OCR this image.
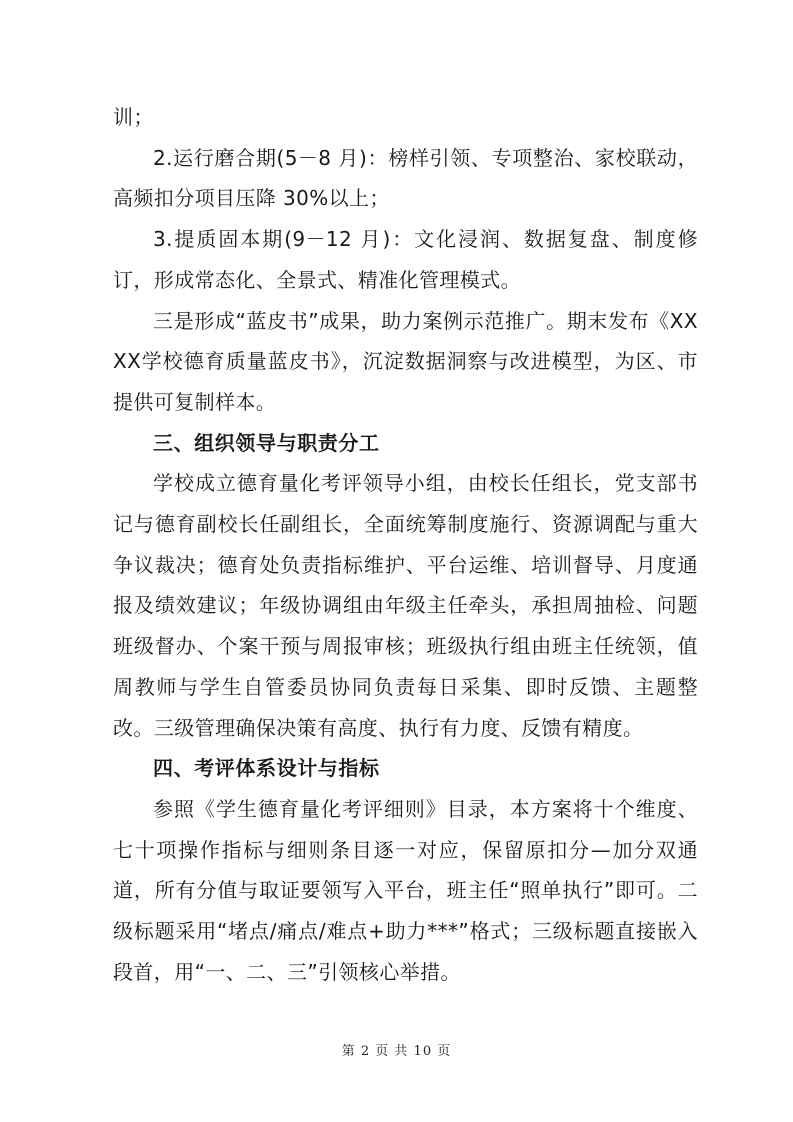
训；

2.运行磨合期(5－8 月)：榜样引领、专项整治、家校联动，高频扣分项目压降 30%以上；

3.提质固本期(9－12 月)：文化浸润、数据复盘、制度修订，形成常态化、全景式、精准化管理模式。

三是形成“蓝皮书”成果，助力案例示范推广。期末发布《XXXX学校德育质量蓝皮书》，沉淀数据洞察与改进模型，为区、市提供可复制样本。

三、组织领导与职责分工

学校成立德育量化考评领导小组，由校长任组长，党支部书记与德育副校长任副组长，全面统筹制度施行、资源调配与重大争议裁决；德育处负责指标维护、平台运维、培训督导、月度通报及绩效建议；年级协调组由年级主任牵头，承担周抽检、问题班级督办、个案干预与周报审核；班级执行组由班主任统领，值周教师与学生自管委员协同负责每日采集、即时反馈、主题整改。三级管理确保决策有高度、执行有力度、反馈有精度。

四、考评体系设计与指标

参照《学生德育量化考评细则》目录，本方案将十个维度、七十项操作指标与细则条目逐一对应，保留原扣分—加分双通道，所有分值与取证要领写入平台，班主任“照单执行”即可。二级标题采用“堵点/痛点/难点+助力***”格式；三级标题直接嵌入段首，用“一、二、三”引领核心举措。

第 2 页 共 10 页
